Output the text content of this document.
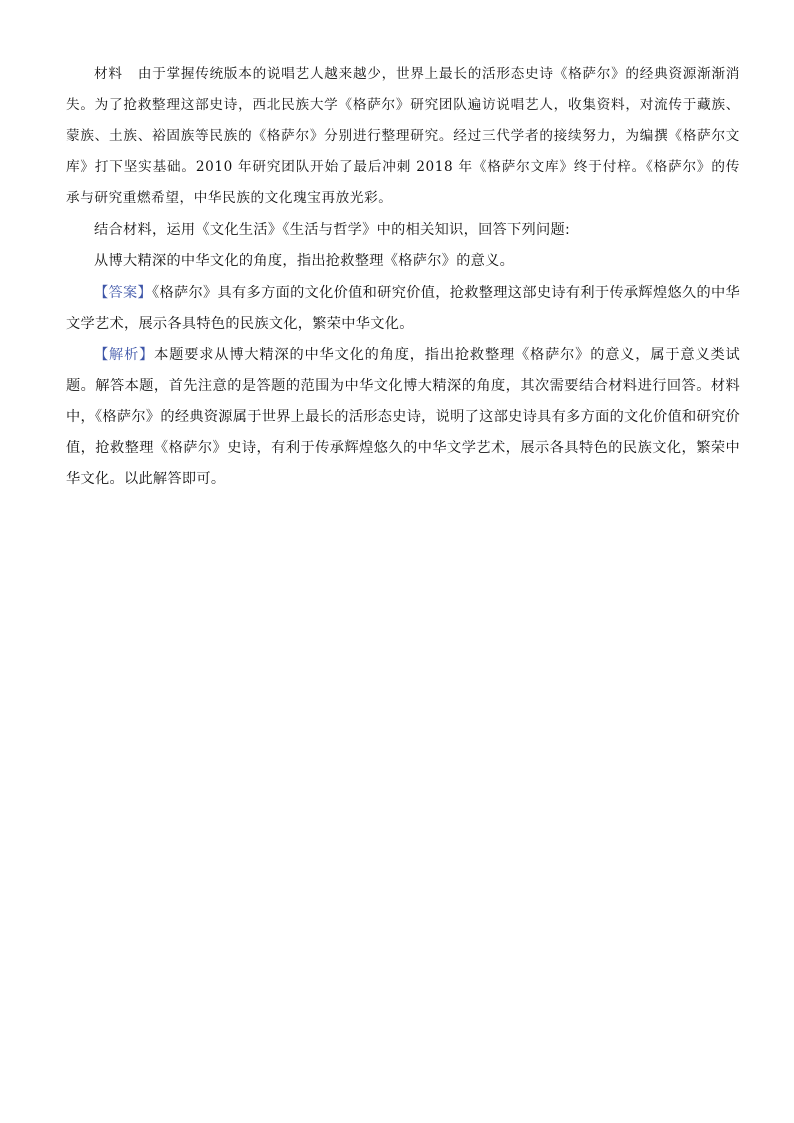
材料 由于掌握传统版本的说唱艺人越来越少，世界上最长的活形态史诗《格萨尔》的经典资源渐渐消失。为了抢救整理这部史诗，西北民族大学《格萨尔》研究团队遍访说唱艺人，收集资料，对流传于藏族、蒙族、土族、裕固族等民族的《格萨尔》分别进行整理研究。经过三代学者的接续努力，为编撰《格萨尔文库》打下坚实基础。2010 年研究团队开始了最后冲刺 2018 年《格萨尔文库》终于付梓。《格萨尔》的传承与研究重燃希望，中华民族的文化瑰宝再放光彩。

结合材料，运用《文化生活》《生活与哲学》中的相关知识，回答下列问题:

从博大精深的中华文化的角度，指出抢救整理《格萨尔》的意义。

【答案】《格萨尔》具有多方面的文化价值和研究价值，抢救整理这部史诗有利于传承辉煌悠久的中华文学艺术，展示各具特色的民族文化，繁荣中华文化。

【解析】本题要求从博大精深的中华文化的角度，指出抢救整理《格萨尔》的意义，属于意义类试题。解答本题，首先注意的是答题的范围为中华文化博大精深的角度，其次需要结合材料进行回答。材料中，《格萨尔》的经典资源属于世界上最长的活形态史诗，说明了这部史诗具有多方面的文化价值和研究价值，抢救整理《格萨尔》史诗，有利于传承辉煌悠久的中华文学艺术，展示各具特色的民族文化，繁荣中华文化。以此解答即可。
